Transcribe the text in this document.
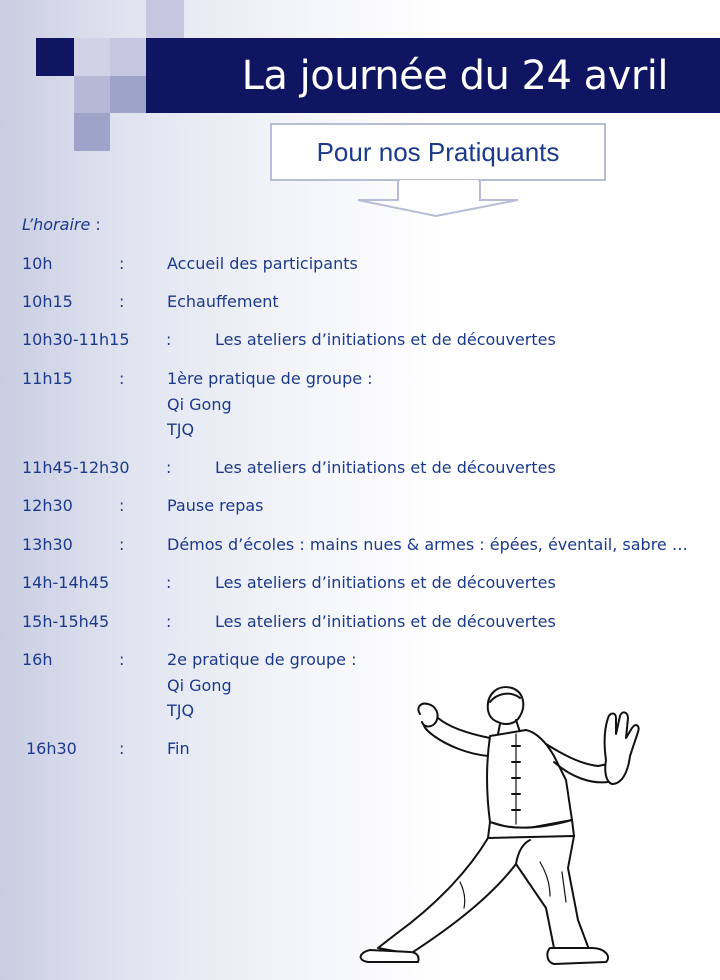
La journée du 24 avril
Pour nos Pratiquants
L’horaire :
10h	:	Accueil des participants
10h15	:	Echauffement
10h30-11h15 :	Les ateliers d’initiations et de découvertes
11h15	:	1ère pratique de groupe :
Qi Gong
TJQ
11h45-12h30 :	Les ateliers d’initiations et de découvertes
12h30	:	Pause repas
13h30	:	Démos d’écoles : mains nues & armes : épées, éventail, sabre …
14h-14h45	:	Les ateliers d’initiations et de découvertes
15h-15h45	:	Les ateliers d’initiations et de découvertes
16h	:	2e pratique de groupe :
Qi Gong
TJQ
16h30	:	Fin
